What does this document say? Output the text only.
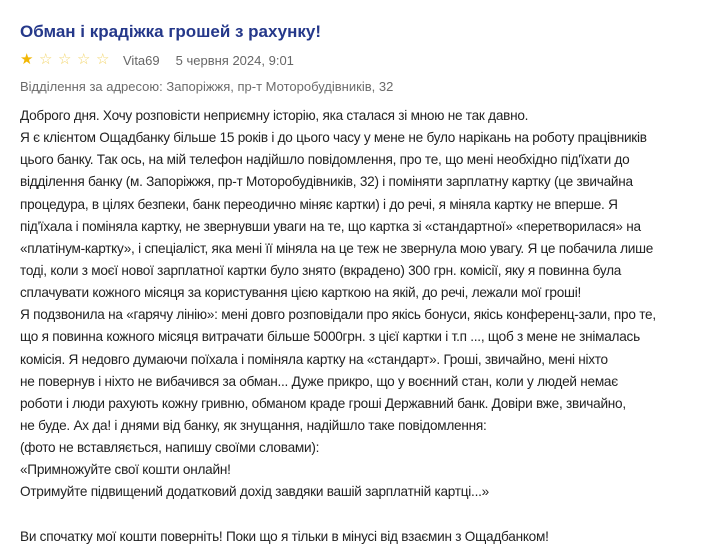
Обман і крадіжка грошей з рахунку!
★ ☆ ☆ ☆ ☆ Vita69 5 червня 2024, 9:01
Відділення за адресою: Запоріжжя, пр-т Моторобудівників, 32
Доброго дня. Хочу розповісти неприємну історію, яка сталася зі мною не так давно.
Я є клієнтом Ощадбанку більше 15 років і до цього часу у мене не було нарікань на роботу працівників
цього банку. Так ось, на мій телефон надійшло повідомлення, про те, що мені необхідно під'їхати до
відділення банку (м. Запоріжжя, пр-т Моторобудівників, 32) і поміняти зарплатну картку (це звичайна
процедура, в цілях безпеки, банк переодично міняє картки) і до речі, я міняла картку не вперше. Я
під'їхала і поміняла картку, не звернувши уваги на те, що картка зі «стандартної» «перетворилася» на
«платінум-картку», і спеціаліст, яка мені її міняла на це теж не звернула мою увагу. Я це побачила лише
тоді, коли з моєї нової зарплатної картки було знято (вкрадено) 300 грн. комісії, яку я повинна була
сплачувати кожного місяця за користування цією карткою на якій, до речі, лежали мої гроші!
Я подзвонила на «гарячу лінію»: мені довго розповідали про якісь бонуси, якісь конференц-зали, про те,
що я повинна кожного місяця витрачати більше 5000грн. з цієї картки і т.п ..., щоб з мене не знімалась
комісія. Я недовго думаючи поїхала і поміняла картку на «стандарт». Гроші, звичайно, мені ніхто
не повернув і ніхто не вибачився за обман... Дуже прикро, що у воєнний стан, коли у людей немає
роботи і люди рахують кожну гривню, обманом краде гроші Державний банк. Довіри вже, звичайно,
не буде. Ах да! і днями від банку, як знущання, надійшло таке повідомлення:
(фото не вставляється, напишу своїми словами):
«Примножуйте свої кошти онлайн!
Отримуйте підвищений додатковий дохід завдяки вашій зарплатній картці...»
Ви спочатку мої кошти поверніть! Поки що я тільки в мінусі від взаємин з Ощадбанком!
